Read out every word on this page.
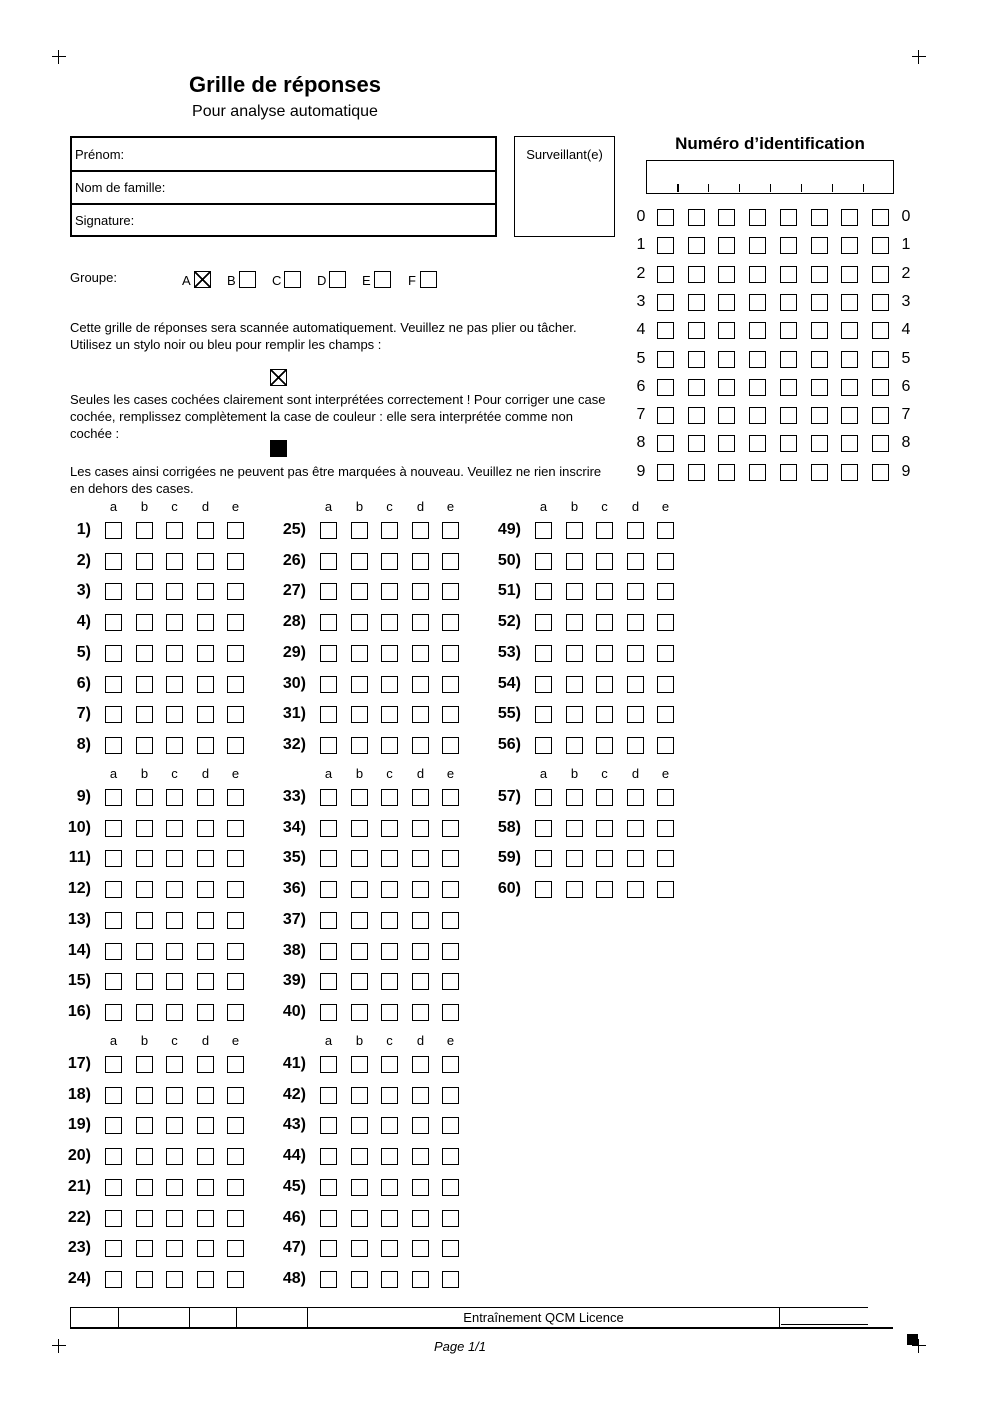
Grille de réponses
Pour analyse automatique
Prénom:
Nom de famille:
Signature:
Surveillant(e)
Numéro d’identification
0	0
1	1
2	2
3	3
4	4
5	5
6	6
7	7
8	8
9	9
Groupe:	A	B	C	D	E	F
Cette grille de réponses sera scannée automatiquement. Veuillez ne pas plier ou tâcher. Utilisez un stylo noir ou bleu pour remplir les champs :
Seules les cases cochées clairement sont interprétées correctement ! Pour corriger une case cochée, remplissez complètement la case de couleur : elle sera interprétée comme non cochée :
Les cases ainsi corrigées ne peuvent pas être marquées à nouveau. Veuillez ne rien inscrire en dehors des cases.
a b	c	d e
1)
2)
3)
4)
5)
6)
7)
8)
a b	c	d e
9)
10)
11)
12)
13)
14)
15)
16)
a b	c	d e
17)
18)
19)
20)
21)
22)
23)
24)
a b	c	d e
25)
26)
27)
28)
29)
30)
31)
32)
a b	c	d e
33)
34)
35)
36)
37)
38)
39)
40)
a b	c	d e
41)
42)
43)
44)
45)
46)
47)
48)
a b	c	d e
49)
50)
51)
52)
53)
54)
55)
56)
a b	c	d e
57)
58)
59)
60)
Entraînement QCM Licence
Page 1/1
